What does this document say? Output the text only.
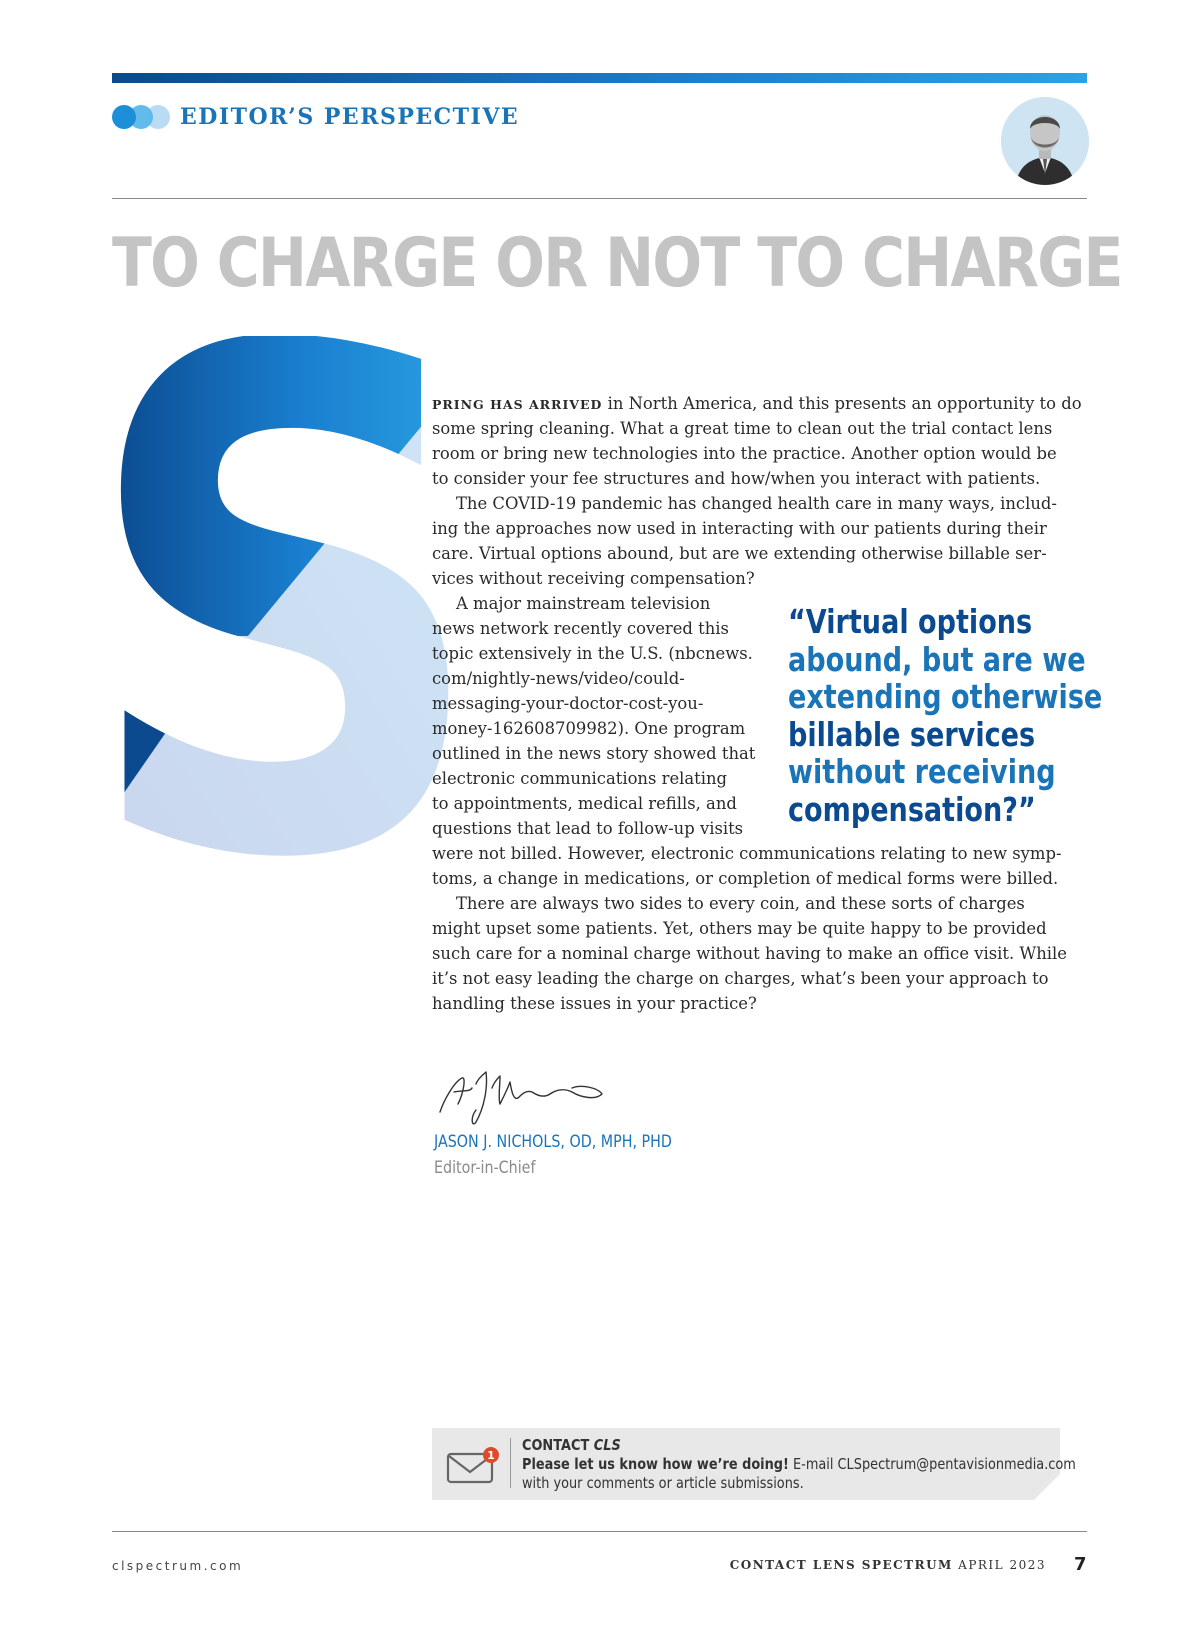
EDITOR’S PERSPECTIVE
TO CHARGE OR NOT TO CHARGE
PRING HAS ARRIVED in North America, and this presents an opportunity to do
some spring cleaning. What a great time to clean out the trial contact lens
room or bring new technologies into the practice. Another option would be
to consider your fee structures and how/when you interact with patients.
The COVID-19 pandemic has changed health care in many ways, includ-
ing the approaches now used in interacting with our patients during their
care. Virtual options abound, but are we extending otherwise billable ser-
vices without receiving compensation?
A major mainstream television
news network recently covered this
topic extensively in the U.S. (nbcnews.
com/nightly-news/video/could-
messaging-your-doctor-cost-you-
money-162608709982). One program
outlined in the news story showed that
electronic communications relating
to appointments, medical refills, and
questions that lead to follow-up visits
were not billed. However, electronic communications relating to new symp-
toms, a change in medications, or completion of medical forms were billed.
There are always two sides to every coin, and these sorts of charges
might upset some patients. Yet, others may be quite happy to be provided
such care for a nominal charge without having to make an office visit. While
it’s not easy leading the charge on charges, what’s been your approach to
handling these issues in your practice?
“Virtual options
abound, but are we
extending otherwise
billable services
without receiving
compensation?”
JASON J. NICHOLS, OD, MPH, PHD
Editor-in-Chief
1
CONTACT CLS
Please let us know how we’re doing! E-mail CLSpectrum@pentavisionmedia.com
with your comments or article submissions.
clspectrum.com	CONTACT LENS SPECTRUM APRIL 2023 7
